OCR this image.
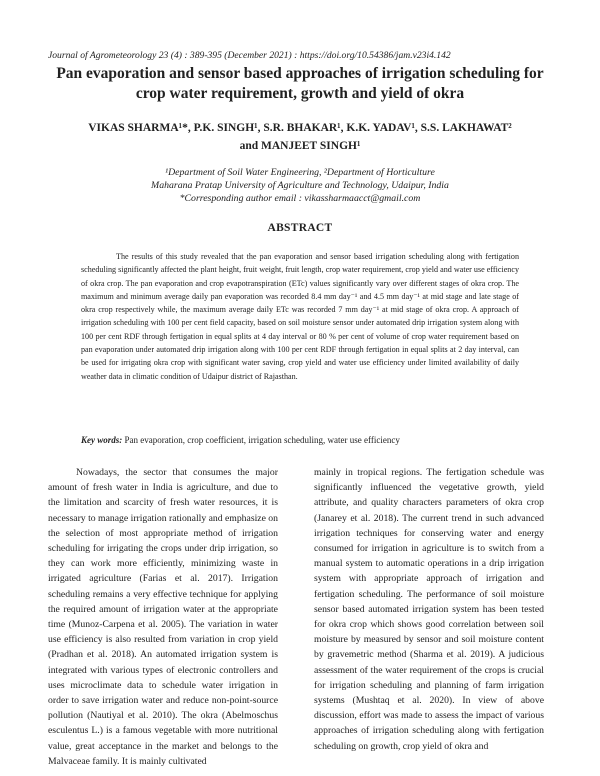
Journal of Agrometeorology 23 (4) : 389-395 (December 2021) : https://doi.org/10.54386/jam.v23i4.142
Pan evaporation and sensor based approaches of irrigation scheduling for crop water requirement, growth and yield of okra
VIKAS SHARMA¹*, P.K. SINGH¹, S.R. BHAKAR¹, K.K. YADAV¹, S.S. LAKHAWAT²
and MANJEET SINGH¹
¹Department of Soil Water Engineering, ²Department of Horticulture
Maharana Pratap University of Agriculture and Technology, Udaipur, India
*Corresponding author email : vikassharmaacct@gmail.com
ABSTRACT
The results of this study revealed that the pan evaporation and sensor based irrigation scheduling along with fertigation scheduling significantly affected the plant height, fruit weight, fruit length, crop water requirement, crop yield and water use efficiency of okra crop. The pan evaporation and crop evapotranspiration (ETc) values significantly vary over different stages of okra crop. The maximum and minimum average daily pan evaporation was recorded 8.4 mm day⁻¹ and 4.5 mm day⁻¹ at mid stage and late stage of okra crop respectively while, the maximum average daily ETc was recorded 7 mm day⁻¹ at mid stage of okra crop. A approach of irrigation scheduling with 100 per cent field capacity, based on soil moisture sensor under automated drip irrigation system along with 100 per cent RDF through fertigation in equal splits at 4 day interval or 80 % per cent of volume of crop water requirement based on pan evaporation under automated drip irrigation along with 100 per cent RDF through fertigation in equal splits at 2 day interval, can be used for irrigating okra crop with significant water saving, crop yield and water use efficiency under limited availability of daily weather data in climatic condition of Udaipur district of Rajasthan.
Key words: Pan evaporation, crop coefficient, irrigation scheduling, water use efficiency
Nowadays, the sector that consumes the major amount of fresh water in India is agriculture, and due to the limitation and scarcity of fresh water resources, it is necessary to manage irrigation rationally and emphasize on the selection of most appropriate method of irrigation scheduling for irrigating the crops under drip irrigation, so they can work more efficiently, minimizing waste in irrigated agriculture (Farias et al. 2017). Irrigation scheduling remains a very effective technique for applying the required amount of irrigation water at the appropriate time (Munoz-Carpena et al. 2005). The variation in water use efficiency is also resulted from variation in crop yield (Pradhan et al. 2018). An automated irrigation system is integrated with various types of electronic controllers and uses microclimate data to schedule water irrigation in order to save irrigation water and reduce non-point-source pollution (Nautiyal et al. 2010). The okra (Abelmoschus esculentus L.) is a famous vegetable with more nutritional value, great acceptance in the market and belongs to the Malvaceae family. It is mainly cultivated
mainly in tropical regions. The fertigation schedule was significantly influenced the vegetative growth, yield attribute, and quality characters parameters of okra crop (Janarey et al. 2018). The current trend in such advanced irrigation techniques for conserving water and energy consumed for irrigation in agriculture is to switch from a manual system to automatic operations in a drip irrigation system with appropriate approach of irrigation and fertigation scheduling. The performance of soil moisture sensor based automated irrigation system has been tested for okra crop which shows good correlation between soil moisture by measured by sensor and soil moisture content by gravemetric method (Sharma et al. 2019). A judicious assessment of the water requirement of the crops is crucial for irrigation scheduling and planning of farm irrigation systems (Mushtaq et al. 2020). In view of above discussion, effort was made to assess the impact of various approaches of irrigation scheduling along with fertigation scheduling on growth, crop yield of okra and
